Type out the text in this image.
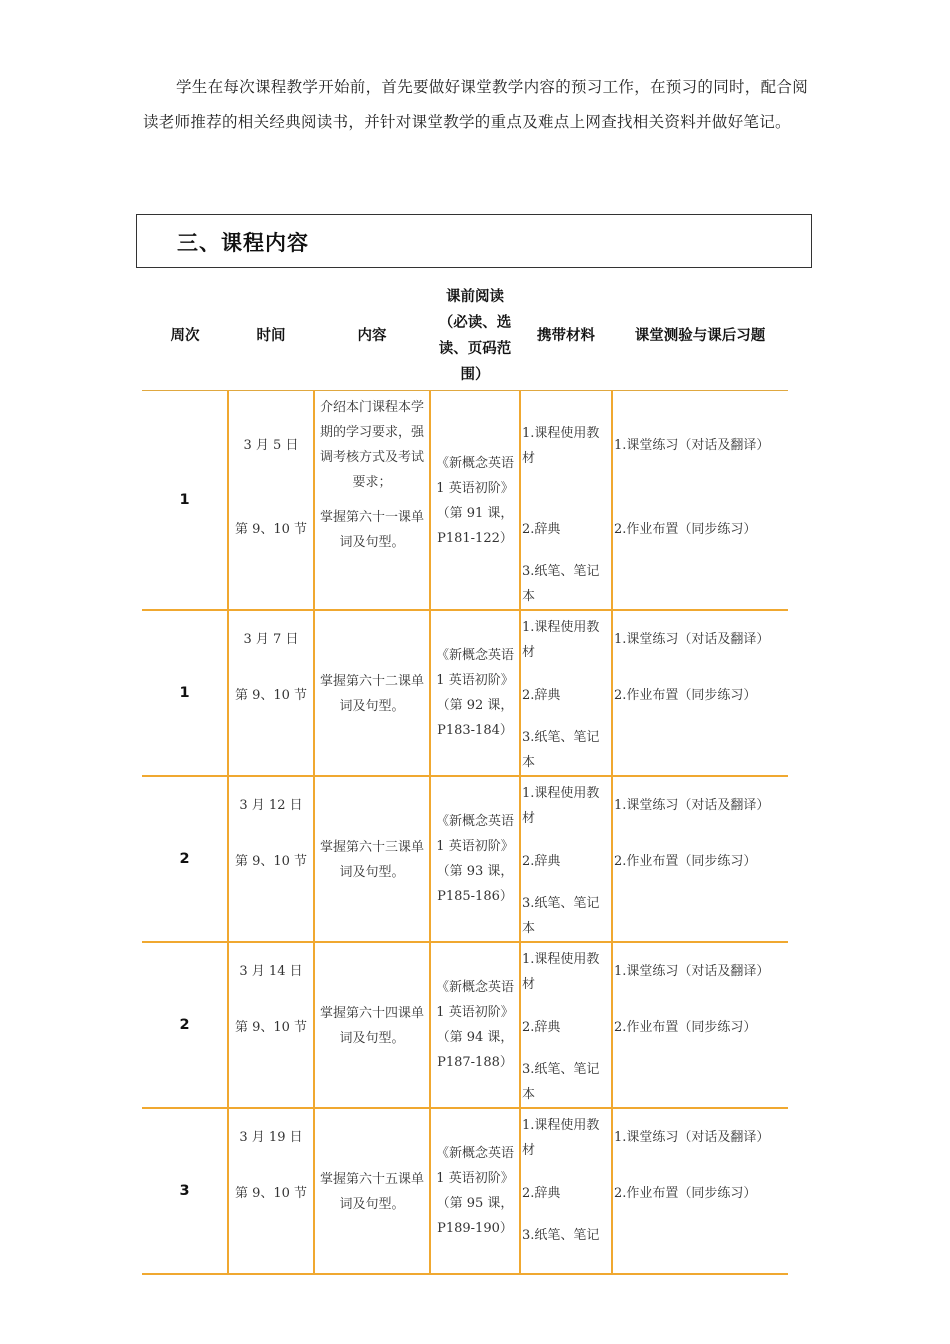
学生在每次课程教学开始前，首先要做好课堂教学内容的预习工作，在预习的同时，配合阅读老师推荐的相关经典阅读书，并针对课堂教学的重点及难点上网查找相关资料并做好笔记。

三、课程内容
周次	时间	内容	课前阅读
（必读、选
读、页码范
围）	携带材料	课堂测验与课后习题
1	3 月 5 日
第 9、10 节	介绍本门课程本学期的学习要求，强调考核方式及考试要求；
掌握第六十一课单词及句型。	《新概念英语 1 英语初阶》（第 91 课，P181-122）	1.课程使用教材
2.辞典
3.纸笔、笔记本	1.课堂练习（对话及翻译）
2.作业布置（同步练习）

1	3 月 7 日
第 9、10 节	掌握第六十二课单词及句型。	《新概念英语 1 英语初阶》（第 92 课，P183-184）	1.课程使用教材
2.辞典
3.纸笔、笔记本	1.课堂练习（对话及翻译）
2.作业布置（同步练习）

2	3 月 12 日
第 9、10 节	掌握第六十三课单词及句型。	《新概念英语 1 英语初阶》（第 93 课，P185-186）	1.课程使用教材
2.辞典
3.纸笔、笔记本	1.课堂练习（对话及翻译）
2.作业布置（同步练习）

2	3 月 14 日
第 9、10 节	掌握第六十四课单词及句型。	《新概念英语 1 英语初阶》（第 94 课，P187-188）	1.课程使用教材
2.辞典
3.纸笔、笔记本	1.课堂练习（对话及翻译）
2.作业布置（同步练习）

3	3 月 19 日
第 9、10 节	掌握第六十五课单词及句型。	《新概念英语 1 英语初阶》（第 95 课，P189-190）	1.课程使用教材
2.辞典
3.纸笔、笔记	1.课堂练习（对话及翻译）
2.作业布置（同步练习）
